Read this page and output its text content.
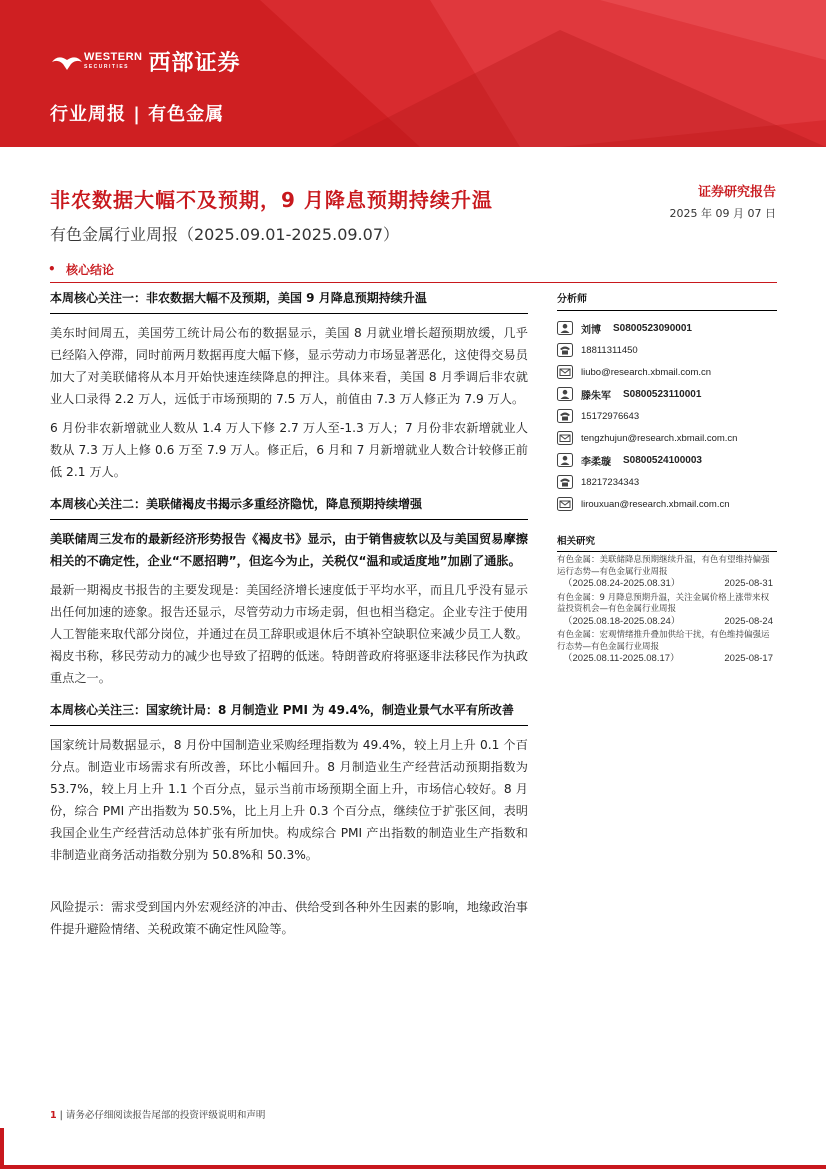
WESTERN
SECURITIES 西部证券
行业周报 | 有色金属
非农数据大幅不及预期，9 月降息预期持续升温
有色金属行业周报（2025.09.01-2025.09.07）
证券研究报告
2025 年 09 月 07 日
• 核心结论
本周核心关注一：非农数据大幅不及预期，美国 9 月降息预期持续升温

美东时间周五，美国劳工统计局公布的数据显示，美国 8 月就业增长超预期放缓，几乎已经陷入停滞，同时前两月数据再度大幅下修，显示劳动力市场显著恶化，这使得交易员加大了对美联储将从本月开始快速连续降息的押注。具体来看，美国 8 月季调后非农就业人口录得 2.2 万人，远低于市场预期的 7.5 万人，前值由 7.3 万人修正为 7.9 万人。

6 月份非农新增就业人数从 1.4 万人下修 2.7 万人至-1.3 万人；7 月份非农新增就业人数从 7.3 万人上修 0.6 万至 7.9 万人。修正后，6 月和 7 月新增就业人数合计较修正前低 2.1 万人。

本周核心关注二：美联储褐皮书揭示多重经济隐忧，降息预期持续增强

美联储周三发布的最新经济形势报告《褐皮书》显示，由于销售疲软以及与美国贸易摩擦相关的不确定性，企业“不愿招聘”，但迄今为止，关税仅“温和或适度地”加剧了通胀。

最新一期褐皮书报告的主要发现是：美国经济增长速度低于平均水平，而且几乎没有显示出任何加速的迹象。报告还显示，尽管劳动力市场走弱，但也相当稳定。企业专注于使用人工智能来取代部分岗位，并通过在员工辞职或退休后不填补空缺职位来减少员工人数。褐皮书称，移民劳动力的减少也导致了招聘的低迷。特朗普政府将驱逐非法移民作为执政重点之一。

本周核心关注三：国家统计局：8 月制造业 PMI 为 49.4%，制造业景气水平有所改善

国家统计局数据显示，8 月份中国制造业采购经理指数为 49.4%，较上月上升 0.1 个百分点。制造业市场需求有所改善，环比小幅回升。8 月制造业生产经营活动预期指数为 53.7%，较上月上升 1.1 个百分点，显示当前市场预期全面上升，市场信心较好。8 月份，综合 PMI 产出指数为 50.5%，比上月上升 0.3 个百分点，继续位于扩张区间，表明我国企业生产经营活动总体扩张有所加快。构成综合 PMI 产出指数的制造业生产指数和非制造业商务活动指数分别为 50.8%和 50.3%。

风险提示：需求受到国内外宏观经济的冲击、供给受到各种外生因素的影响，地缘政治事件提升避险情绪、关税政策不确定性风险等。

分析师
刘博 S0800523090001
18811311450
liubo@research.xbmail.com.cn
滕朱军 S0800523110001
15172976643
tengzhujun@research.xbmail.com.cn
李柔璇 S0800524100003
18217234343
lirouxuan@research.xbmail.com.cn
相关研究
有色金属：美联储降息预期继续升温，有色有望维持偏强运行态势—有色金属行业周报
（2025.08.24-2025.08.31）	2025-08-31
有色金属：9 月降息预期升温，关注金属价格上涨带来权益投资机会—有色金属行业周报
（2025.08.18-2025.08.24）	2025-08-24
有色金属：宏观情绪推升叠加供给干扰，有色维持偏强运行态势—有色金属行业周报
（2025.08.11-2025.08.17）	2025-08-17
1 | 请务必仔细阅读报告尾部的投资评级说明和声明
